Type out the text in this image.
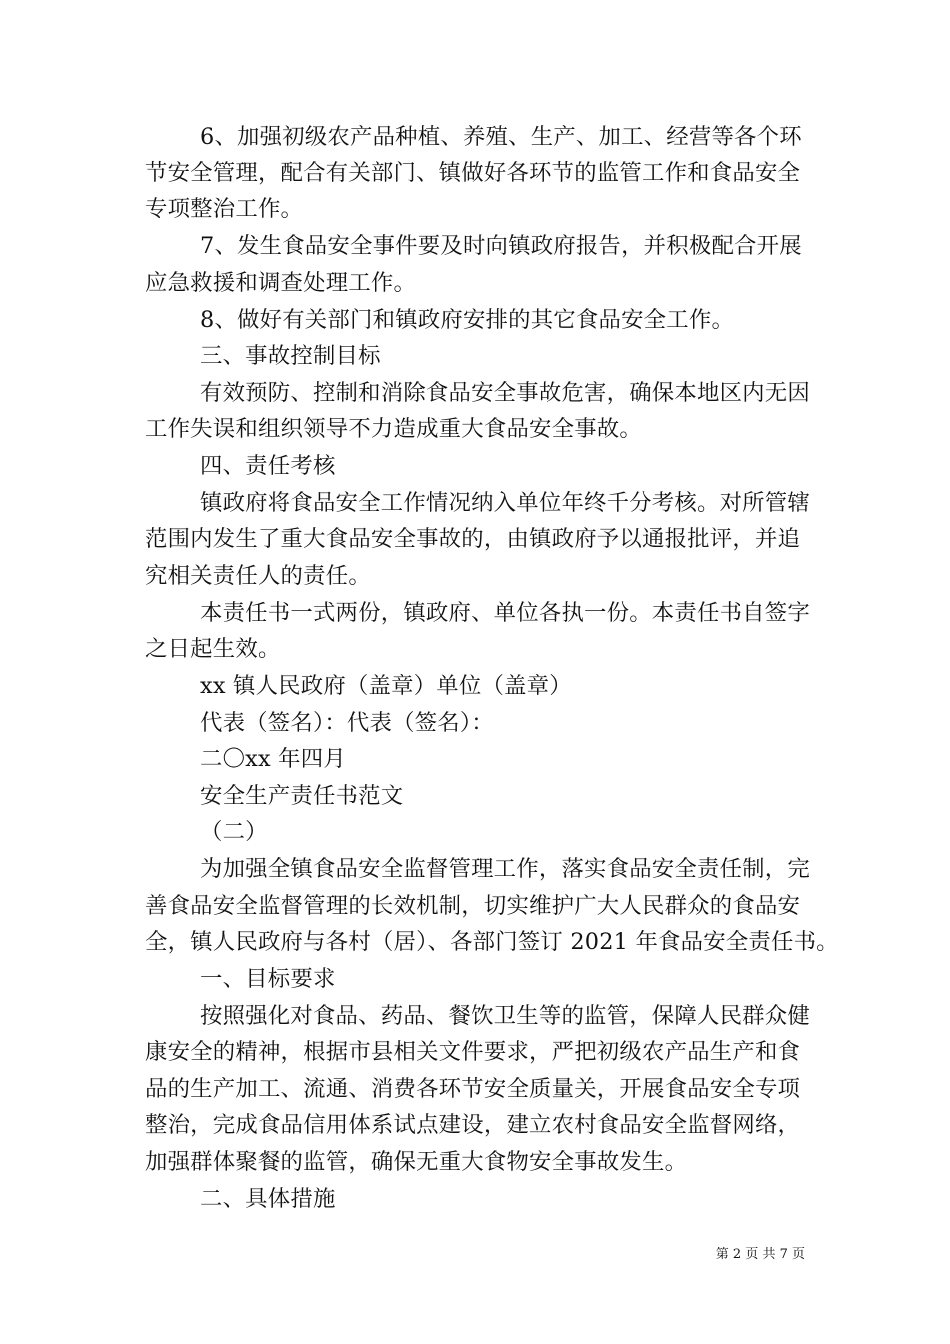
6、加强初级农产品种植、养殖、生产、加工、经营等各个环
节安全管理，配合有关部门、镇做好各环节的监管工作和食品安全
专项整治工作。
7、发生食品安全事件要及时向镇政府报告，并积极配合开展
应急救援和调查处理工作。
8、做好有关部门和镇政府安排的其它食品安全工作。
三、事故控制目标
有效预防、控制和消除食品安全事故危害，确保本地区内无因
工作失误和组织领导不力造成重大食品安全事故。
四、责任考核
镇政府将食品安全工作情况纳入单位年终千分考核。对所管辖
范围内发生了重大食品安全事故的，由镇政府予以通报批评，并追
究相关责任人的责任。
本责任书一式两份，镇政府、单位各执一份。本责任书自签字
之日起生效。
xx 镇人民政府（盖章）单位（盖章）
代表（签名）：代表（签名）：
二〇xx 年四月
安全生产责任书范文
（二）
为加强全镇食品安全监督管理工作，落实食品安全责任制，完
善食品安全监督管理的长效机制，切实维护广大人民群众的食品安
全，镇人民政府与各村（居）、各部门签订 2021 年食品安全责任书。
一、目标要求
按照强化对食品、药品、餐饮卫生等的监管，保障人民群众健
康安全的精神，根据市县相关文件要求，严把初级农产品生产和食
品的生产加工、流通、消费各环节安全质量关，开展食品安全专项
整治，完成食品信用体系试点建设，建立农村食品安全监督网络，
加强群体聚餐的监管，确保无重大食物安全事故发生。
二、具体措施
第 2 页 共 7 页
